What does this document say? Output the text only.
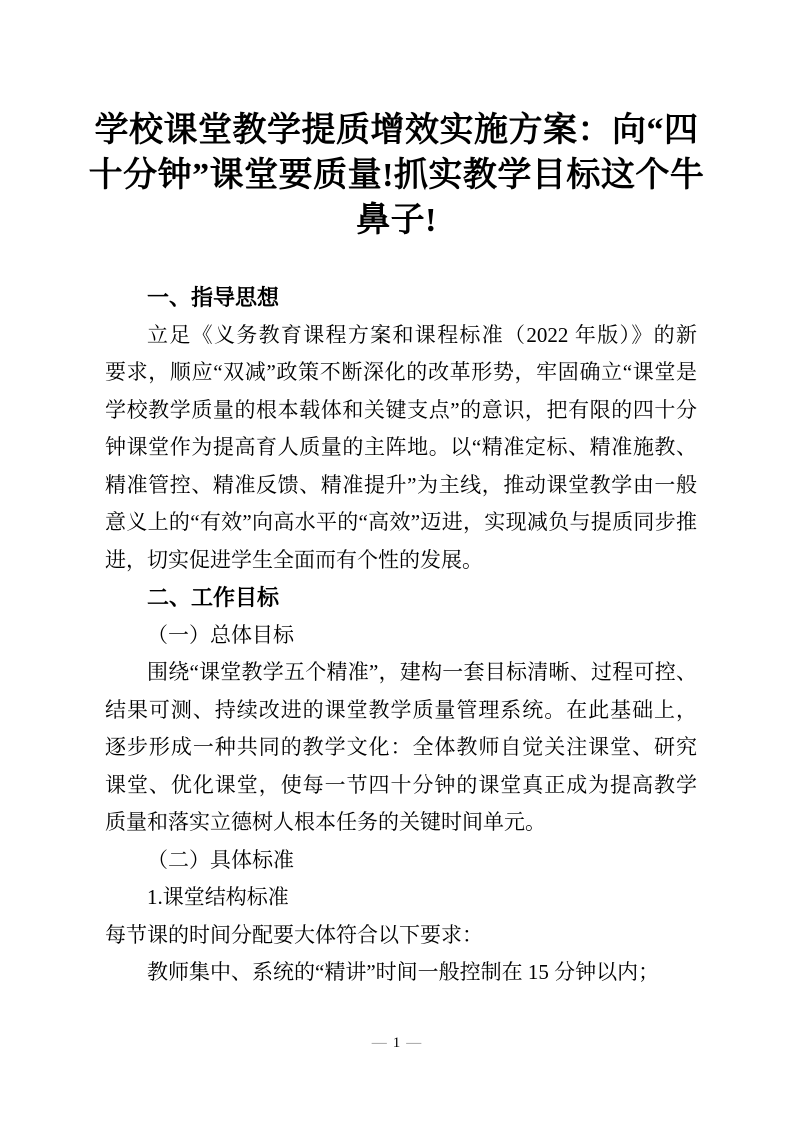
学校课堂教学提质增效实施方案：向“四
十分钟”课堂要质量!抓实教学目标这个牛
鼻子!
一、指导思想
立足《义务教育课程方案和课程标准（2022 年版）》的新
要求，顺应“双减”政策不断深化的改革形势，牢固确立“课堂是
学校教学质量的根本载体和关键支点”的意识，把有限的四十分
钟课堂作为提高育人质量的主阵地。以“精准定标、精准施教、
精准管控、精准反馈、精准提升”为主线，推动课堂教学由一般
意义上的“有效”向高水平的“高效”迈进，实现减负与提质同步推
进，切实促进学生全面而有个性的发展。
二、工作目标
（一）总体目标
围绕“课堂教学五个精准”，建构一套目标清晰、过程可控、
结果可测、持续改进的课堂教学质量管理系统。在此基础上，
逐步形成一种共同的教学文化：全体教师自觉关注课堂、研究
课堂、优化课堂，使每一节四十分钟的课堂真正成为提高教学
质量和落实立德树人根本任务的关键时间单元。
（二）具体标准
1.课堂结构标准
每节课的时间分配要大体符合以下要求：
教师集中、系统的“精讲”时间一般控制在 15 分钟以内；
— 1 —
